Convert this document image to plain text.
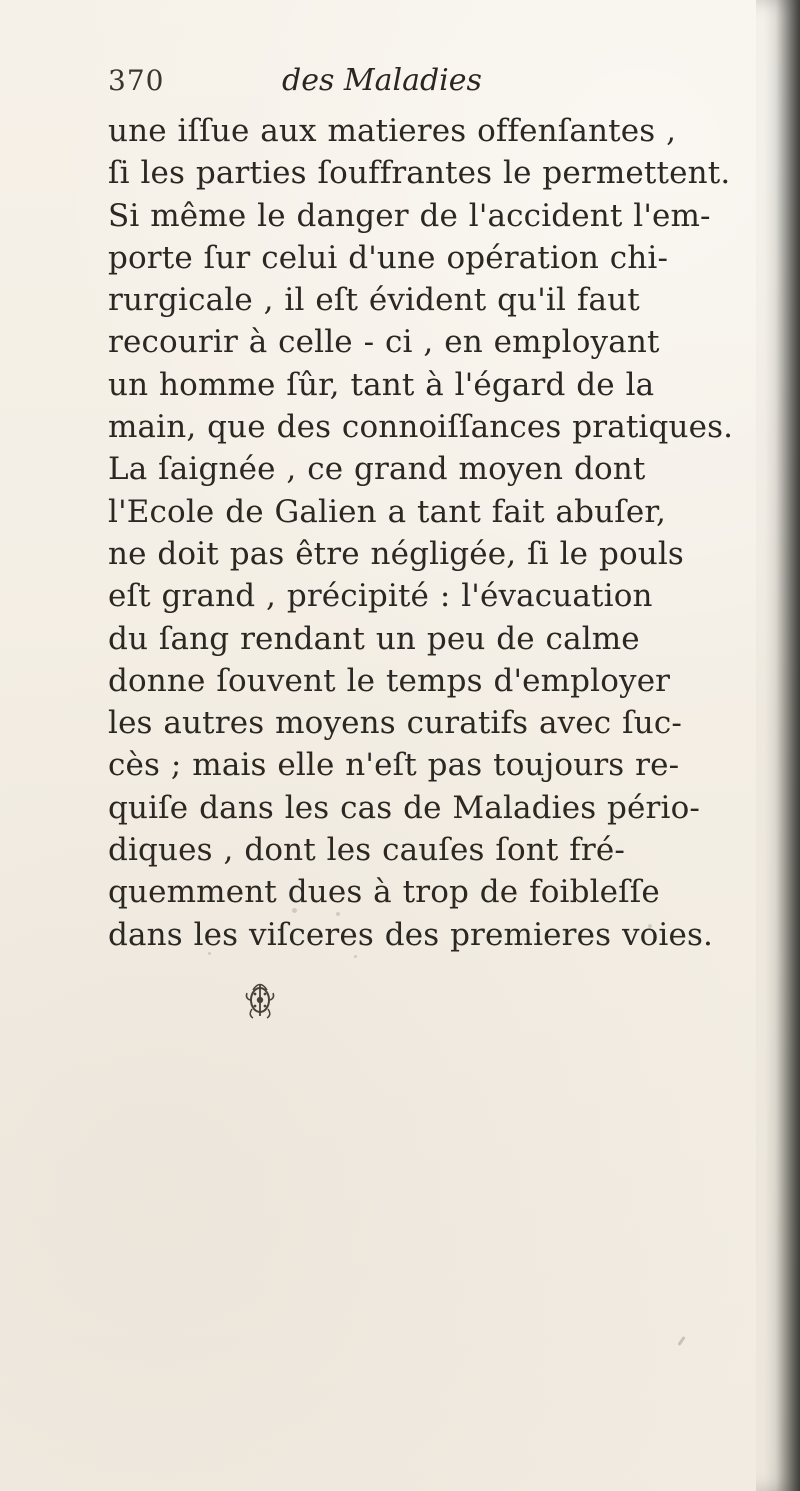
370	des Maladies
une iſſue aux matieres offenſantes ,
ſi les parties ſouffrantes le permettent.
Si même le danger de l'accident l'em-
porte ſur celui d'une opération chi-
rurgicale , il eſt évident qu'il faut
recourir à celle - ci , en employant
un homme ſûr, tant à l'égard de la
main, que des connoiſſances pratiques.
La ſaignée , ce grand moyen dont
l'Ecole de Galien a tant fait abuſer,
ne doit pas être négligée, ſi le pouls
eſt grand , précipité : l'évacuation
du ſang rendant un peu de calme
donne ſouvent le temps d'employer
les autres moyens curatifs avec ſuc-
cès ; mais elle n'eſt pas toujours re-
quiſe dans les cas de Maladies pério-
diques , dont les cauſes ſont fré-
quemment dues à trop de foibleſſe
dans les viſceres des premieres voies.
